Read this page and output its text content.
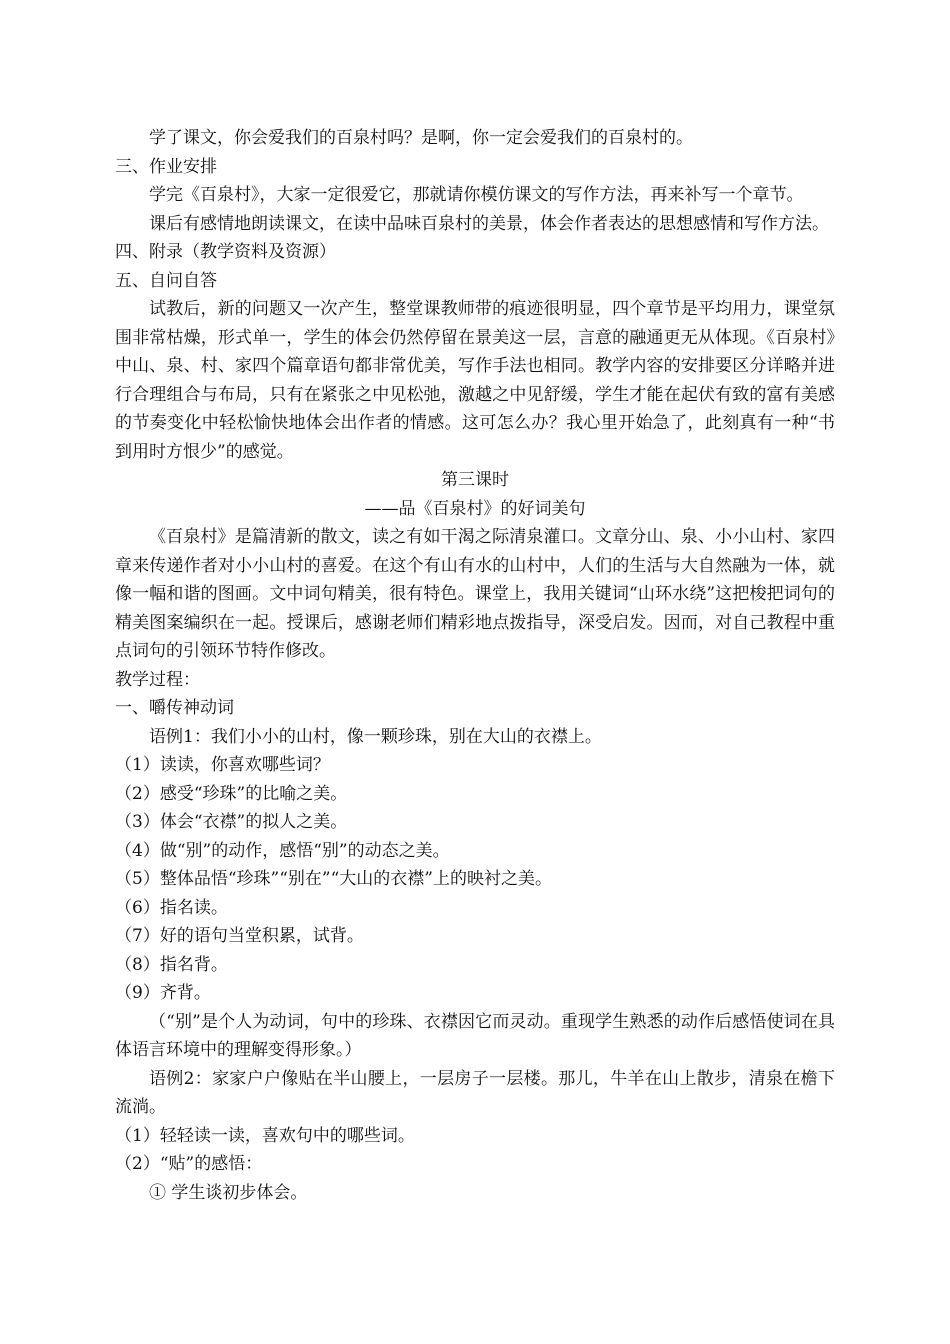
学了课文，你会爱我们的百泉村吗？是啊，你一定会爱我们的百泉村的。

三、作业安排

学完《百泉村》，大家一定很爱它，那就请你模仿课文的写作方法，再来补写一个章节。

课后有感情地朗读课文，在读中品味百泉村的美景，体会作者表达的思想感情和写作方法。

四、附录（教学资料及资源）

五、自问自答

试教后，新的问题又一次产生，整堂课教师带的痕迹很明显，四个章节是平均用力，课堂氛围非常枯燥，形式单一，学生的体会仍然停留在景美这一层，言意的融通更无从体现。《百泉村》中山、泉、村、家四个篇章语句都非常优美，写作手法也相同。教学内容的安排要区分详略并进行合理组合与布局，只有在紧张之中见松弛，激越之中见舒缓，学生才能在起伏有致的富有美感的节奏变化中轻松愉快地体会出作者的情感。这可怎么办？我心里开始急了，此刻真有一种“书到用时方恨少”的感觉。

第三课时

——品《百泉村》的好词美句

《百泉村》是篇清新的散文，读之有如干渴之际清泉灌口。文章分山、泉、小小山村、家四章来传递作者对小小山村的喜爱。在这个有山有水的山村中，人们的生活与大自然融为一体，就像一幅和谐的图画。文中词句精美，很有特色。课堂上，我用关键词“山环水绕”这把梭把词句的精美图案编织在一起。授课后，感谢老师们精彩地点拨指导，深受启发。因而，对自己教程中重点词句的引领环节特作修改。

教学过程：

一、嚼传神动词

语例1：我们小小的山村，像一颗珍珠，别在大山的衣襟上。

（1）读读，你喜欢哪些词？

（2）感受“珍珠”的比喻之美。

（3）体会“衣襟”的拟人之美。

（4）做“别”的动作，感悟“别”的动态之美。

（5）整体品悟“珍珠”“别在”“大山的衣襟”上的映衬之美。

（6）指名读。

（7）好的语句当堂积累，试背。

（8）指名背。

（9）齐背。

（“别”是个人为动词，句中的珍珠、衣襟因它而灵动。重现学生熟悉的动作后感悟使词在具体语言环境中的理解变得形象。）

语例2：家家户户像贴在半山腰上，一层房子一层楼。那儿，牛羊在山上散步，清泉在檐下流淌。

（1）轻轻读一读，喜欢句中的哪些词。

（2）“贴”的感悟：

① 学生谈初步体会。
